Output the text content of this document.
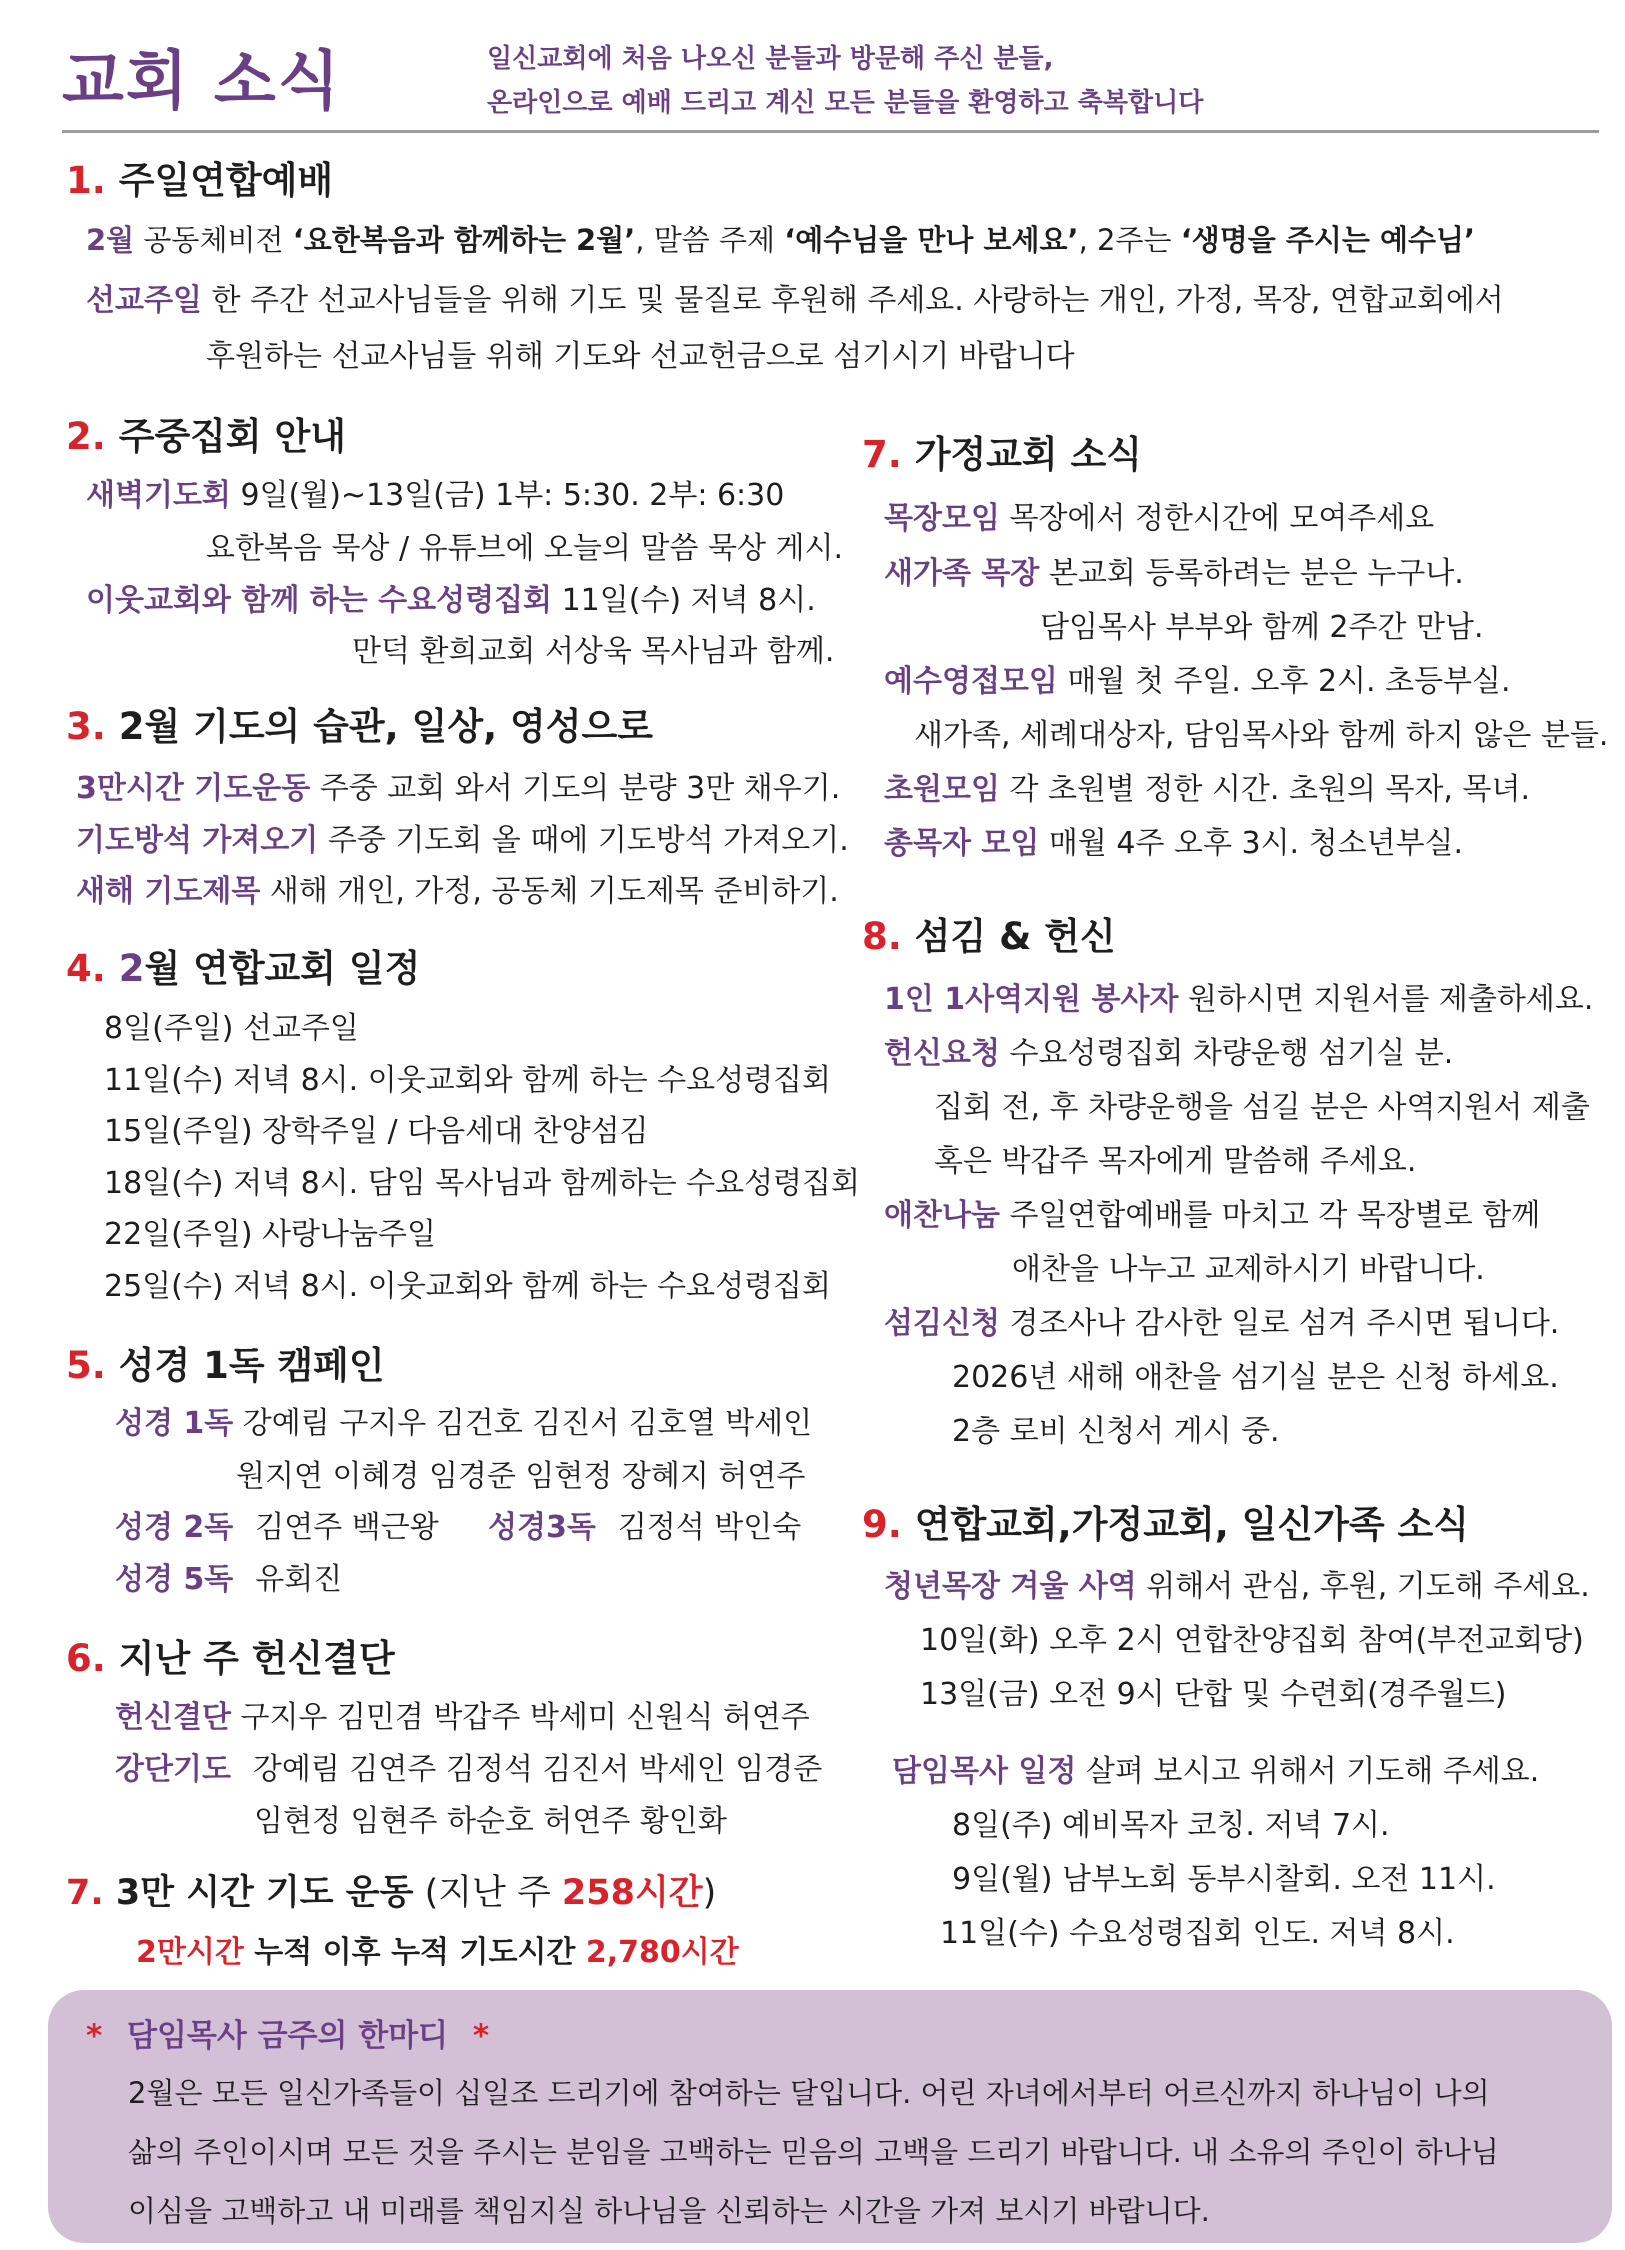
교회 소식	일신교회에 처음 나오신 분들과 방문해 주신 분들,
온라인으로 예배 드리고 계신 모든 분들을 환영하고 축복합니다
1. 주일연합예배
2월 공동체비전 ‘요한복음과 함께하는 2월’, 말씀 주제 ‘예수님을 만나 보세요’, 2주는 ‘생명을 주시는 예수님’
선교주일 한 주간 선교사님들을 위해 기도 및 물질로 후원해 주세요. 사랑하는 개인, 가정, 목장, 연합교회에서
후원하는 선교사님들 위해 기도와 선교헌금으로 섬기시기 바랍니다
2. 주중집회 안내
새벽기도회 9일(월)~13일(금) 1부: 5:30. 2부: 6:30
요한복음 묵상 / 유튜브에 오늘의 말씀 묵상 게시.
이웃교회와 함께 하는 수요성령집회 11일(수) 저녁 8시.
만덕 환희교회 서상욱 목사님과 함께.
3. 2월 기도의 습관, 일상, 영성으로
3만시간 기도운동 주중 교회 와서 기도의 분량 3만 채우기.
기도방석 가져오기 주중 기도회 올 때에 기도방석 가져오기.
새해 기도제목 새해 개인, 가정, 공동체 기도제목 준비하기.
4. 2월 연합교회 일정
8일(주일) 선교주일
11일(수) 저녁 8시. 이웃교회와 함께 하는 수요성령집회
15일(주일) 장학주일 / 다음세대 찬양섬김
18일(수) 저녁 8시. 담임 목사님과 함께하는 수요성령집회
22일(주일) 사랑나눔주일
25일(수) 저녁 8시. 이웃교회와 함께 하는 수요성령집회
5. 성경 1독 캠페인
성경 1독 강예림 구지우 김건호 김진서 김호열 박세인
원지연 이혜경 임경준 임현정 장혜지 허연주
성경 2독 김연주 백근왕 성경3독 김정석 박인숙
성경 5독 유회진
6. 지난 주 헌신결단
헌신결단 구지우 김민겸 박갑주 박세미 신원식 허연주
강단기도 강예림 김연주 김정석 김진서 박세인 임경준
임현정 임현주 하순호 허연주 황인화
7. 3만 시간 기도 운동 (지난 주 258시간)
2만시간 누적 이후 누적 기도시간 2,780시간
7. 가정교회 소식
목장모임 목장에서 정한시간에 모여주세요
새가족 목장 본교회 등록하려는 분은 누구나.
담임목사 부부와 함께 2주간 만남.
예수영접모임 매월 첫 주일. 오후 2시. 초등부실.
새가족, 세례대상자, 담임목사와 함께 하지 않은 분들.
초원모임 각 초원별 정한 시간. 초원의 목자, 목녀.
총목자 모임 매월 4주 오후 3시. 청소년부실.
8. 섬김 & 헌신
1인 1사역지원 봉사자 원하시면 지원서를 제출하세요.
헌신요청 수요성령집회 차량운행 섬기실 분.
집회 전, 후 차량운행을 섬길 분은 사역지원서 제출
혹은 박갑주 목자에게 말씀해 주세요.
애찬나눔 주일연합예배를 마치고 각 목장별로 함께
애찬을 나누고 교제하시기 바랍니다.
섬김신청 경조사나 감사한 일로 섬겨 주시면 됩니다.
2026년 새해 애찬을 섬기실 분은 신청 하세요.
2층 로비 신청서 게시 중.
9. 연합교회,가정교회, 일신가족 소식
청년목장 겨울 사역 위해서 관심, 후원, 기도해 주세요.
10일(화) 오후 2시 연합찬양집회 참여(부전교회당)
13일(금) 오전 9시 단합 및 수련회(경주월드)
담임목사 일정 살펴 보시고 위해서 기도해 주세요.
8일(주) 예비목자 코칭. 저녁 7시.
9일(월) 남부노회 동부시찰회. 오전 11시.
11일(수) 수요성령집회 인도. 저녁 8시.
* 담임목사 금주의 한마디 *
2월은 모든 일신가족들이 십일조 드리기에 참여하는 달입니다. 어린 자녀에서부터 어르신까지 하나님이 나의
삶의 주인이시며 모든 것을 주시는 분임을 고백하는 믿음의 고백을 드리기 바랍니다. 내 소유의 주인이 하나님
이심을 고백하고 내 미래를 책임지실 하나님을 신뢰하는 시간을 가져 보시기 바랍니다.
